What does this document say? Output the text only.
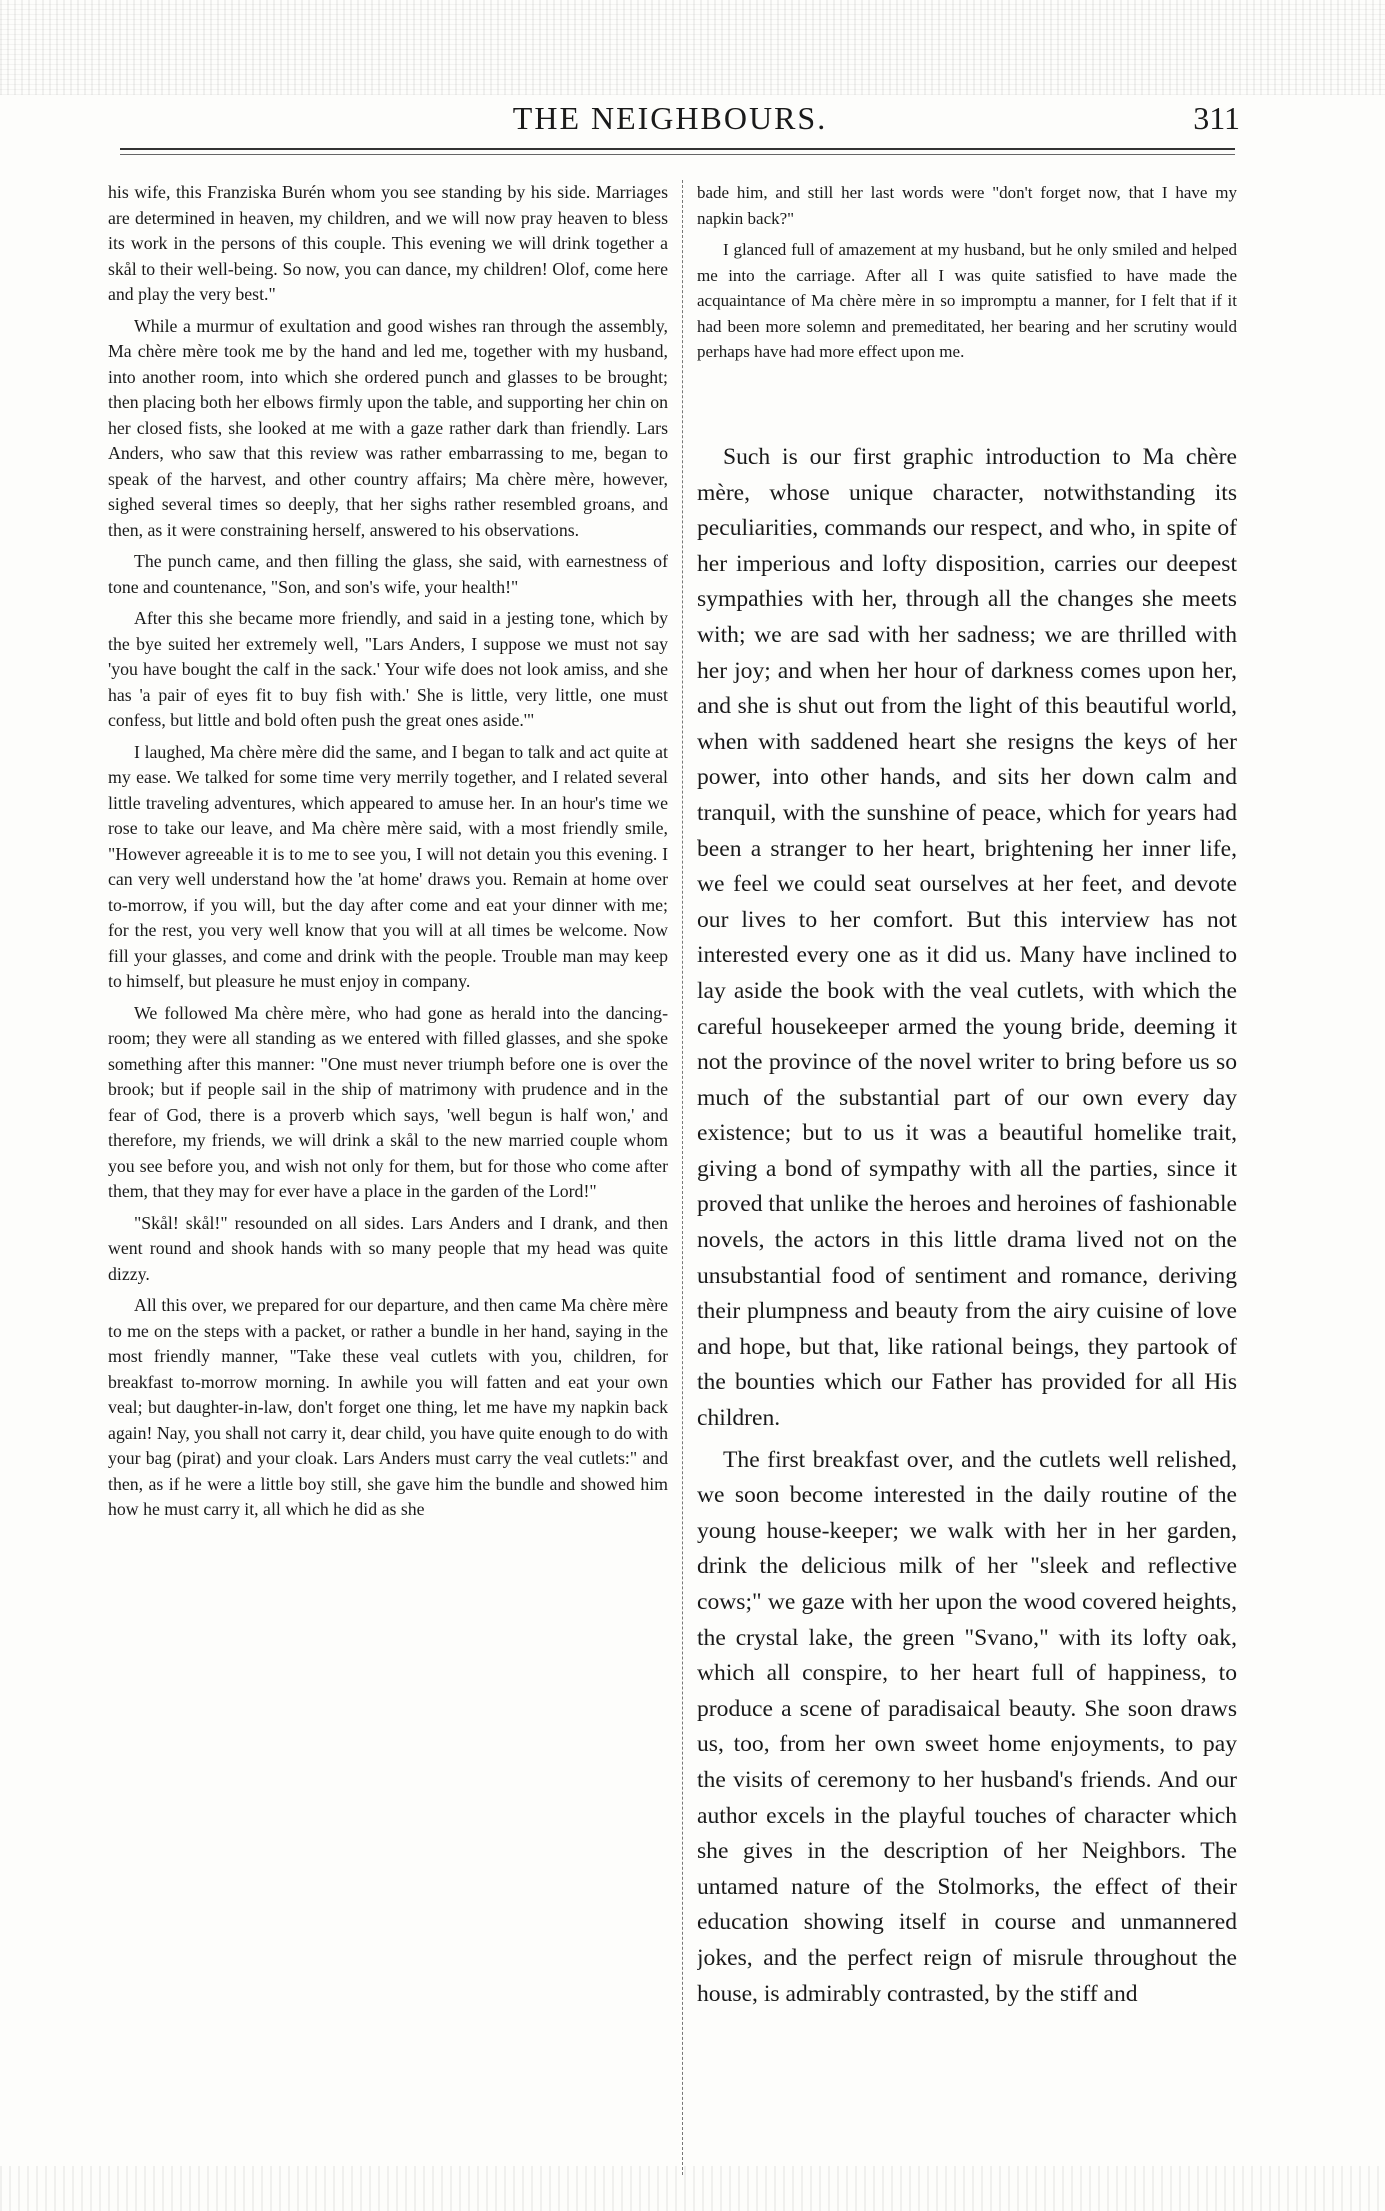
THE NEIGHBOURS.	311

his wife, this Franziska Burén whom you see standing by his side. Marriages are determined in heaven, my children, and we will now pray heaven to bless its work in the persons of this couple. This evening we will drink together a skål to their well-being. So now, you can dance, my children! Olof, come here and play the very best."

While a murmur of exultation and good wishes ran through the assembly, Ma chère mère took me by the hand and led me, together with my husband, into another room, into which she ordered punch and glasses to be brought; then placing both her elbows firmly upon the table, and supporting her chin on her closed fists, she looked at me with a gaze rather dark than friendly. Lars Anders, who saw that this review was rather embarrassing to me, began to speak of the harvest, and other country affairs; Ma chère mère, however, sighed several times so deeply, that her sighs rather resembled groans, and then, as it were constraining herself, answered to his observations.

The punch came, and then filling the glass, she said, with earnestness of tone and countenance, "Son, and son's wife, your health!"

After this she became more friendly, and said in a jesting tone, which by the bye suited her extremely well, "Lars Anders, I suppose we must not say 'you have bought the calf in the sack.' Your wife does not look amiss, and she has 'a pair of eyes fit to buy fish with.' She is little, very little, one must confess, but little and bold often push the great ones aside.'"

I laughed, Ma chère mère did the same, and I began to talk and act quite at my ease. We talked for some time very merrily together, and I related several little traveling adventures, which appeared to amuse her. In an hour's time we rose to take our leave, and Ma chère mère said, with a most friendly smile, "However agreeable it is to me to see you, I will not detain you this evening. I can very well understand how the 'at home' draws you. Remain at home over to-morrow, if you will, but the day after come and eat your dinner with me; for the rest, you very well know that you will at all times be welcome. Now fill your glasses, and come and drink with the people. Trouble man may keep to himself, but pleasure he must enjoy in company.

We followed Ma chère mère, who had gone as herald into the dancing-room; they were all standing as we entered with filled glasses, and she spoke something after this manner: "One must never triumph before one is over the brook; but if people sail in the ship of matrimony with prudence and in the fear of God, there is a proverb which says, 'well begun is half won,' and therefore, my friends, we will drink a skål to the new married couple whom you see before you, and wish not only for them, but for those who come after them, that they may for ever have a place in the garden of the Lord!"

"Skål! skål!" resounded on all sides. Lars Anders and I drank, and then went round and shook hands with so many people that my head was quite dizzy.

All this over, we prepared for our departure, and then came Ma chère mère to me on the steps with a packet, or rather a bundle in her hand, saying in the most friendly manner, "Take these veal cutlets with you, children, for breakfast to-morrow morning. In awhile you will fatten and eat your own veal; but daughter-in-law, don't forget one thing, let me have my napkin back again! Nay, you shall not carry it, dear child, you have quite enough to do with your bag (pirat) and your cloak. Lars Anders must carry the veal cutlets:" and then, as if he were a little boy still, she gave him the bundle and showed him how he must carry it, all which he did as she

bade him, and still her last words were "don't forget now, that I have my napkin back?"

I glanced full of amazement at my husband, but he only smiled and helped me into the carriage. After all I was quite satisfied to have made the acquaintance of Ma chère mère in so impromptu a manner, for I felt that if it had been more solemn and premeditated, her bearing and her scrutiny would perhaps have had more effect upon me.

Such is our first graphic introduction to Ma chère mère, whose unique character, notwithstanding its peculiarities, commands our respect, and who, in spite of her imperious and lofty disposition, carries our deepest sympathies with her, through all the changes she meets with; we are sad with her sadness; we are thrilled with her joy; and when her hour of darkness comes upon her, and she is shut out from the light of this beautiful world, when with saddened heart she resigns the keys of her power, into other hands, and sits her down calm and tranquil, with the sunshine of peace, which for years had been a stranger to her heart, brightening her inner life, we feel we could seat ourselves at her feet, and devote our lives to her comfort. But this interview has not interested every one as it did us. Many have inclined to lay aside the book with the veal cutlets, with which the careful housekeeper armed the young bride, deeming it not the province of the novel writer to bring before us so much of the substantial part of our own every day existence; but to us it was a beautiful homelike trait, giving a bond of sympathy with all the parties, since it proved that unlike the heroes and heroines of fashionable novels, the actors in this little drama lived not on the unsubstantial food of sentiment and romance, deriving their plumpness and beauty from the airy cuisine of love and hope, but that, like rational beings, they partook of the bounties which our Father has provided for all His children.

The first breakfast over, and the cutlets well relished, we soon become interested in the daily routine of the young house-keeper; we walk with her in her garden, drink the delicious milk of her "sleek and reflective cows;" we gaze with her upon the wood covered heights, the crystal lake, the green "Svano," with its lofty oak, which all conspire, to her heart full of happiness, to produce a scene of paradisaical beauty. She soon draws us, too, from her own sweet home enjoyments, to pay the visits of ceremony to her husband's friends. And our author excels in the playful touches of character which she gives in the description of her Neighbors. The untamed nature of the Stolmorks, the effect of their education showing itself in course and unmannered jokes, and the perfect reign of misrule throughout the house, is admirably contrasted, by the stiff and
